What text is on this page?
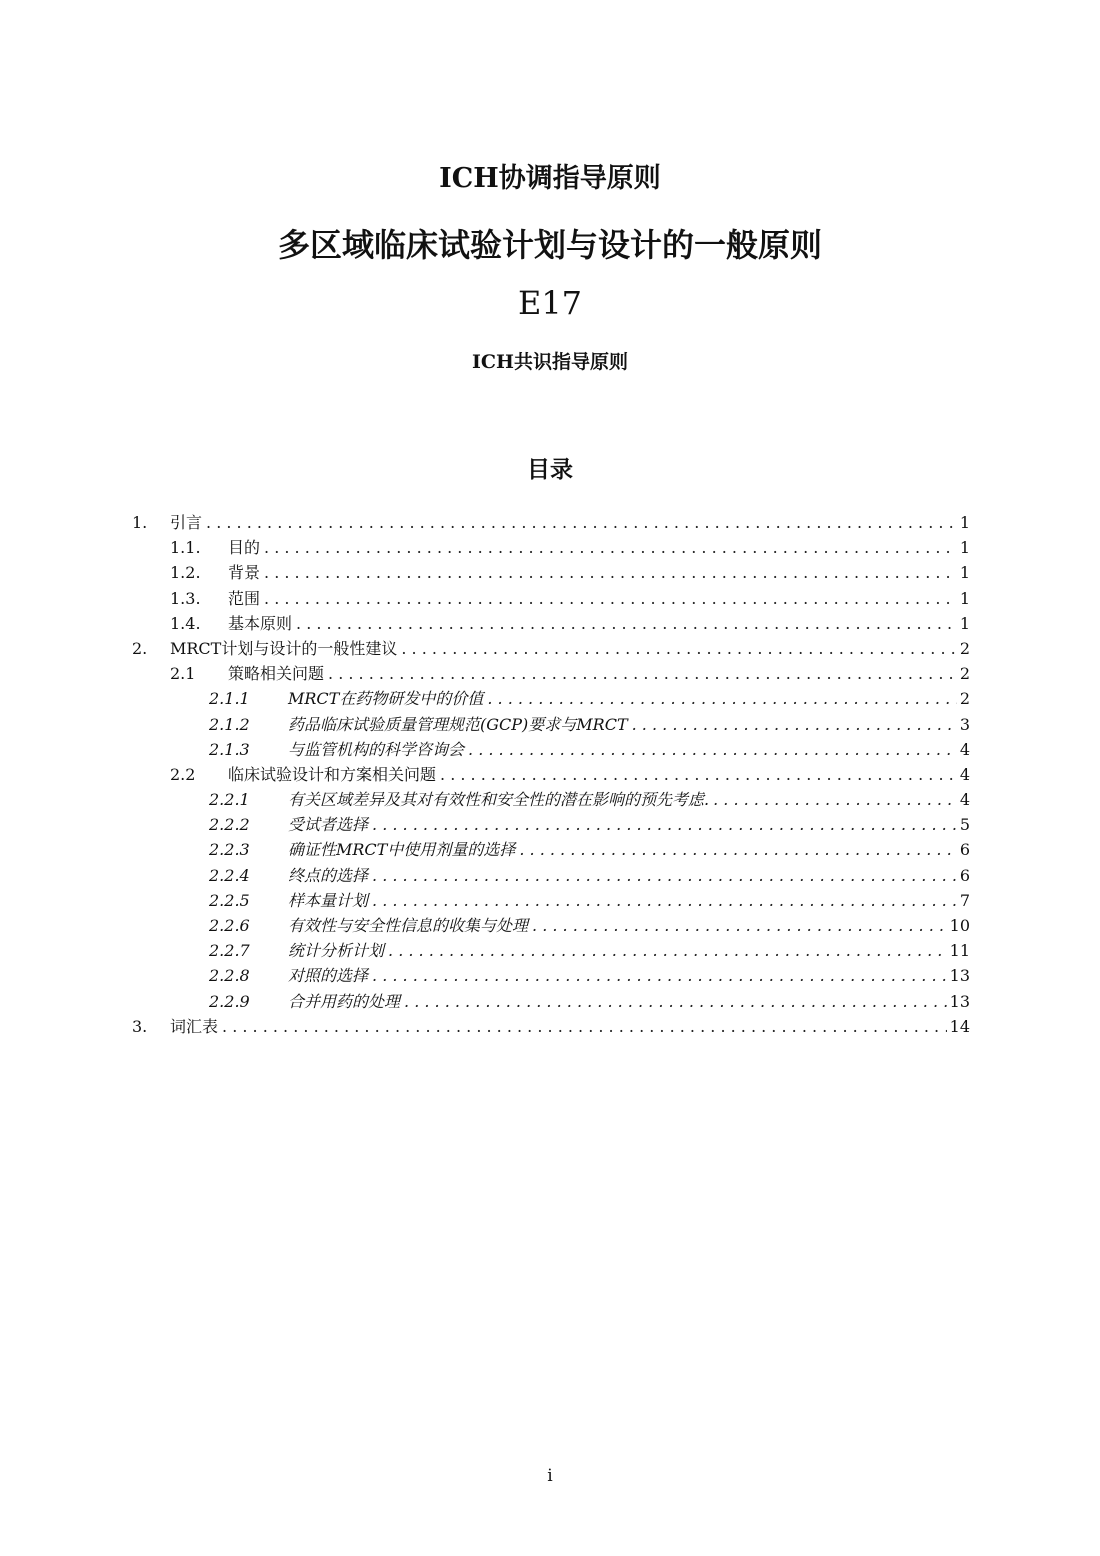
ICH协调指导原则
多区域临床试验计划与设计的一般原则
E17
ICH共识指导原则
目录
1.	引言 . . .	1
1.1.	目的 . . .	1
1.2.	背景 . . .	1
1.3.	范围 . . .	1
1.4.	基本原则 . . .	1
2.	MRCT计划与设计的一般性建议 . . .	2
2.1	策略相关问题 . . .	2
2.1.1	MRCT在药物研发中的价值 . . .	2
2.1.2	药品临床试验质量管理规范(GCP)要求与MRCT . . .	3
2.1.3	与监管机构的科学咨询会 . . .	4
2.2	临床试验设计和方案相关问题 . . .	4
2.2.1	有关区域差异及其对有效性和安全性的潜在影响的预先考虑. . . .	4
2.2.2	受试者选择 . . .	5
2.2.3	确证性MRCT中使用剂量的选择 . . .	6
2.2.4	终点的选择 . . .	6
2.2.5	样本量计划 . . .	7
2.2.6	有效性与安全性信息的收集与处理 . . .	10
2.2.7	统计分析计划 . . .	11
2.2.8	对照的选择 . . .	13
2.2.9	合并用药的处理 . . .	13
3.	词汇表 . . .	14
i
